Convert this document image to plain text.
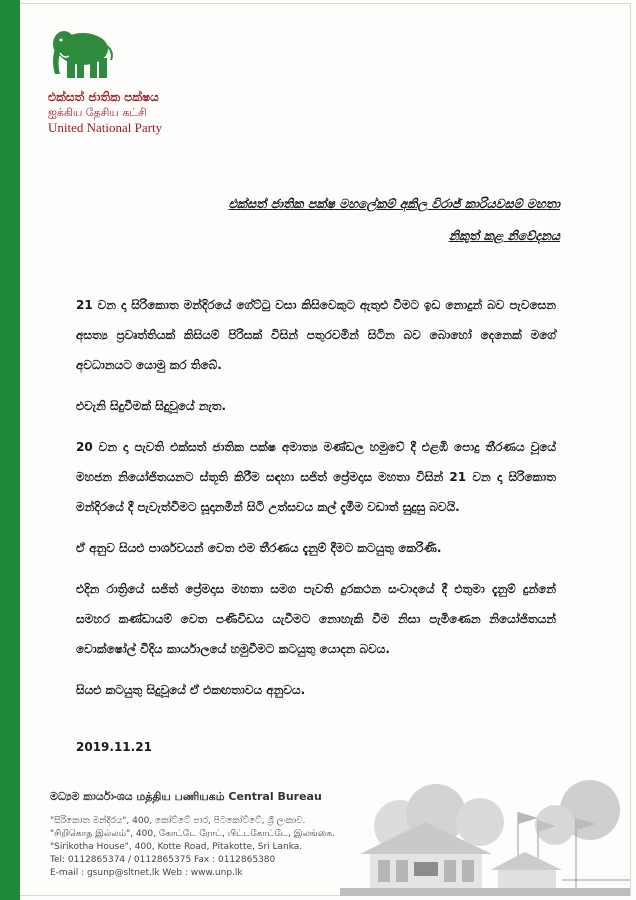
එක්සත් ජාතික පක්ෂය
ஐக்கிய தேசிய கட்சி
United National Party
එක්සත් ජාතික පක්ෂ මහලේකම් අකිල විරාජ් කාරියවසම් මහතා
නිකුත් කළ නිවේදනය

21 වන දා සිරිකොත මන්දිරයේ ගේට්ටු වසා කිසිවෙකුට ඇතුළු වීමට ඉඩ නොදුන් බව පැවසෙන අසත්‍ය ප්‍රවෘත්තියක් කිසියම් පිරිසක් විසින් පතුරවමින් සිටින බව බොහෝ දෙනෙක් මගේ අවධානයට යොමු කර තිබේ.

එවැනි සිදුවීමක් සිදුවූයේ නැත.

20 වන දා පැවති එක්සත් ජාතික පක්ෂ අමාත්‍ය මණ්ඩල හමුවේ දී එළඹි පොදු තීරණය වූයේ මහජන නියෝජිතයනට ස්තූති කිරීම සඳහා සජිත් ප්‍රේමදාස මහතා විසින් 21 වන දා සිරිකොත මන්දිරයේ දී පැවැත්වීමට සූදානමින් සිටි උත්සවය කල් දැමීම වඩාත් සුදුසු බවයි.

ඒ අනුව සියළු පාර්ශවයන් වෙත එම තීරණය දැනුම් දීමට කටයුතු කෙරිණි.

එදින රාත්‍රියේ සජිත් ප්‍රේමදාස මහතා සමග පැවති දුරකථන සංවාදයේ දී එතුමා දැනුම් දුන්නේ සමහර කණ්ඩායම් වෙත පණිවිඩය යැවීමට නොහැකි වීම නිසා පැමිණෙන නියෝජිතයන් වොක්ෂෝල් වීදිය කාර්යාලයේ හමුවීමට කටයුතු යොදන බවය.

සියළු කටයුතු සිදුවූයේ ඒ එකඟතාවය අනුවය.

2019.11.21
මධ්‍යම කාර්යාංශය மத்திய பணியகம் Central Bureau
"සිරිකොත මන්දිරය", 400, කෝට්ටේ පාර, පිටකෝට්ටේ, ශ්‍රී ලංකාව.
"சிறிகொத இல்லம்", 400, கோட்டே ரோட், பிட்டகோட்டே, இலங்கை.
"Sirikotha House", 400, Kotte Road, Pitakotte, Sri Lanka.
Tel: 0112865374 / 0112865375 Fax : 0112865380
E-mail : gsunp@sltnet.lk Web : www.unp.lk
